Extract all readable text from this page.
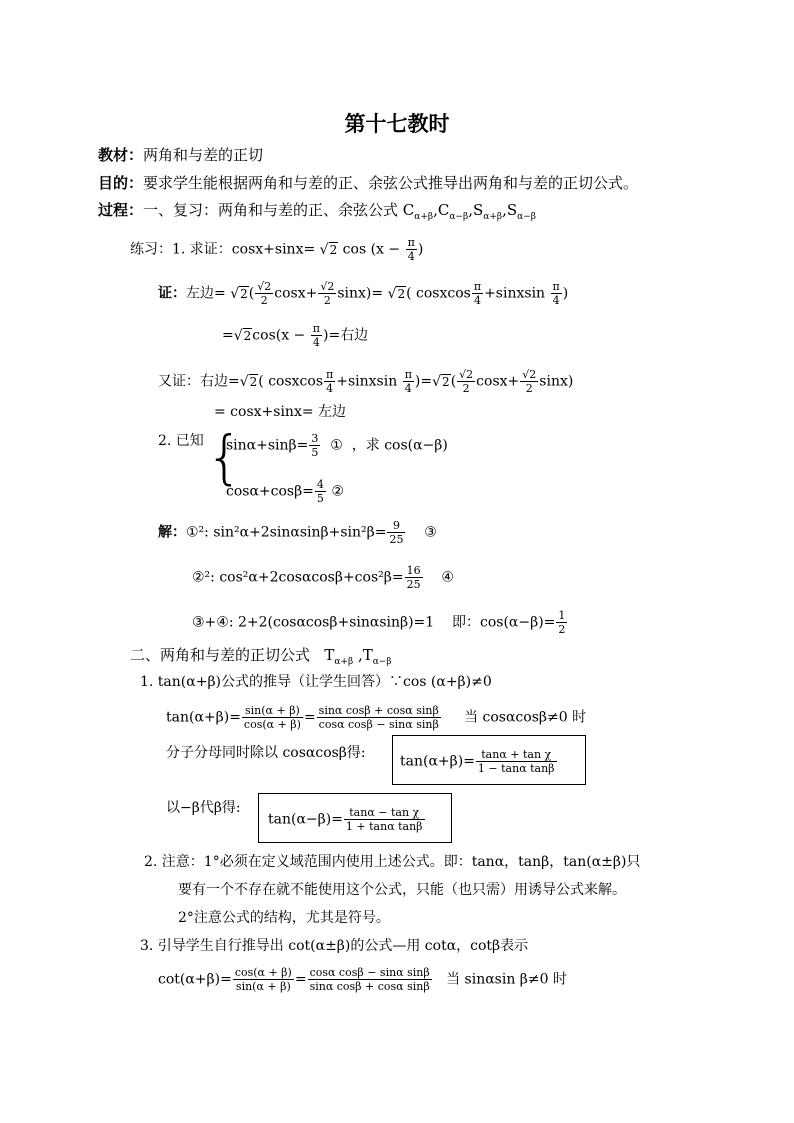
第十七教时
教材：两角和与差的正切
目的：要求学生能根据两角和与差的正、余弦公式推导出两角和与差的正切公式。
过程：一、复习：两角和与差的正、余弦公式 $C_{\alpha+\beta},C_{\alpha-\beta},S_{\alpha+\beta},S_{\alpha-\beta}$
练习：1. 求证：cosx+sinx= √2 $\cos (x - \frac{\pi}{4}$ )
证：左边= $√2( \frac{√2}{2} \cos x+ \frac{√2}{2} \sin x)= √2$( cosxcos $\frac{\pi}{4}$ +sinxsin $\frac{\pi}{4}$ )
$=√2\cos(x - \frac{\pi}{4}$ )=右边
又证：右边=√2( cosxcos $\frac{\pi}{4}$ +sinxsin $\frac{\pi}{4} )=√2( \frac{√2}{2} \cos x+ \frac{√2}{2} \sin x)$
= cosx+sinx= 左边
2. 已知 {
$\sin\alpha+\sin\beta= \frac{3}{5}$ ① ，求 cos(α−β)
$\cos\alpha+\cos\beta= \frac{4}{5}$ ②
解：①²: $\sin^2\alpha+2\sin\alpha\sin\beta+\sin^2\beta= \frac{9}{25}$ ③
②²: $\cos^2\alpha+2\cos\alpha\cos\beta+\cos^2\beta= \frac{16}{25}$ ④
③+④: 2+2(cosαcosβ+sinαsinβ)=1 即：$\cos(\alpha-\beta)= \frac{1}{2}$
二、两角和与差的正切公式 $T_{\alpha+\beta}$ $,T_{\alpha-\beta}$
1. tan(α+β)公式的推导（让学生回答）∵cos (α+β)≠0
$\tan(\alpha+\beta)= \frac{\sin(\alpha + \beta)}{\cos(\alpha + \beta)} = \frac{\text{sinα cosβ + cosα sinβ}}{\text{cosα cosβ − sinα sinβ}}$ 当 cosαcosβ≠0 时
分子分母同时除以 cosαcosβ得:
$\tan(\alpha+\beta)= \frac{\text{tanα + tan χ}}{\text{1 − tanα tanβ}}$
以−β代β得:
$\tan(\alpha-\beta)= \frac{\text{tanα − tan χ}}{\text{1 + tanα tanβ}}$
2. 注意：1°必须在定义域范围内使用上述公式。即：tanα，tanβ，tan(α±β)只
要有一个不存在就不能使用这个公式，只能（也只需）用诱导公式来解。
2°注意公式的结构，尤其是符号。
3. 引导学生自行推导出 cot(α±β)的公式—用 cotα，cotβ表示
$\cot(\alpha+\beta)= \frac{\cos(\alpha + \beta)}{\sin(\alpha + \beta)} = \frac{\text{cosα cosβ − sinα sinβ}}{\text{sinα cosβ + cosα sinβ}}$ 当 sinαsin β≠0 时
